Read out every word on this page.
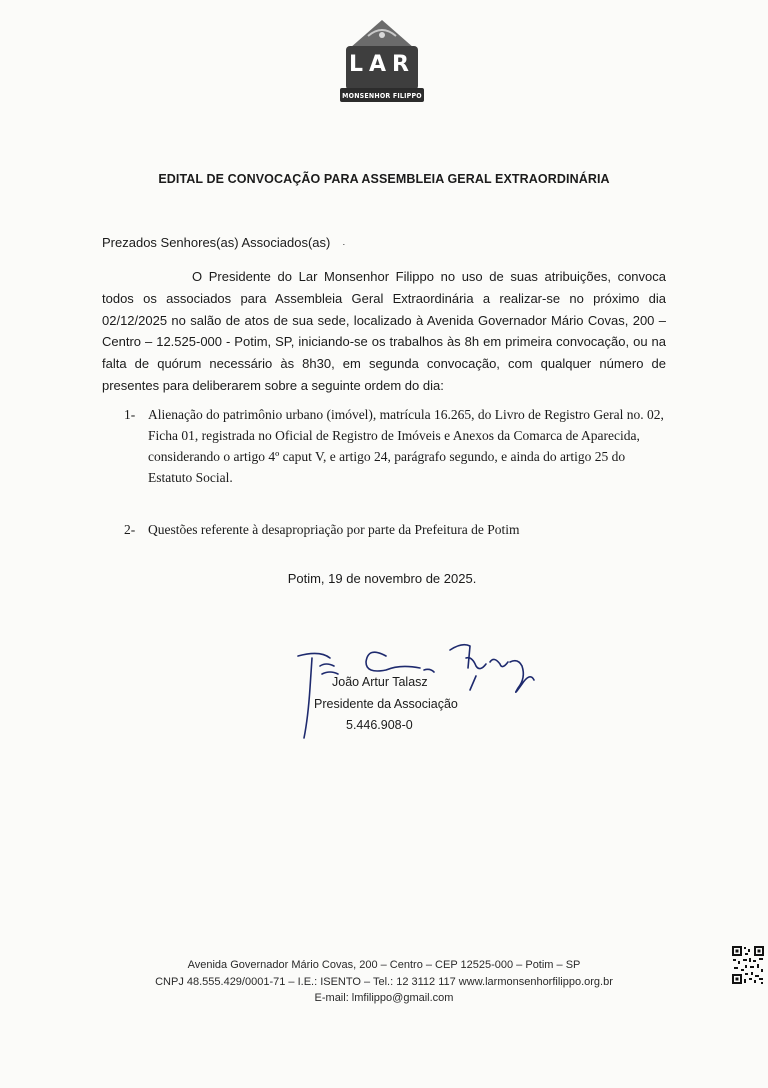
LAR
MONSENHOR FILIPPO
EDITAL DE CONVOCAÇÃO PARA ASSEMBLEIA GERAL EXTRAORDINÁRIA
Prezados Senhores(as) Associados(as) ·
O Presidente do Lar Monsenhor Filippo no uso de suas atribuições, convoca todos os associados para Assembleia Geral Extraordinária a realizar-se no próximo dia 02/12/2025 no salão de atos de sua sede, localizado à Avenida Governador Mário Covas, 200 – Centro – 12.525-000 - Potim, SP, iniciando-se os trabalhos às 8h em primeira convocação, ou na falta de quórum necessário às 8h30, em segunda convocação, com qualquer número de presentes para deliberarem sobre a seguinte ordem do dia:
1- Alienação do patrimônio urbano (imóvel), matrícula 16.265, do Livro de Registro Geral no. 02, Ficha 01, registrada no Oficial de Registro de Imóveis e Anexos da Comarca de Aparecida, considerando o artigo 4º caput V, e artigo 24, parágrafo segundo, e ainda do artigo 25 do Estatuto Social.
2- Questões referente à desapropriação por parte da Prefeitura de Potim
Potim, 19 de novembro de 2025.
João Artur Talasz
Presidente da Associação
5.446.908-0
Avenida Governador Mário Covas, 200 – Centro – CEP 12525-000 – Potim – SP
CNPJ 48.555.429/0001-71 – I.E.: ISENTO – Tel.: 12 3112 117 www.larmonsenhorfilippo.org.br
E-mail: lmfilippo@gmail.com
